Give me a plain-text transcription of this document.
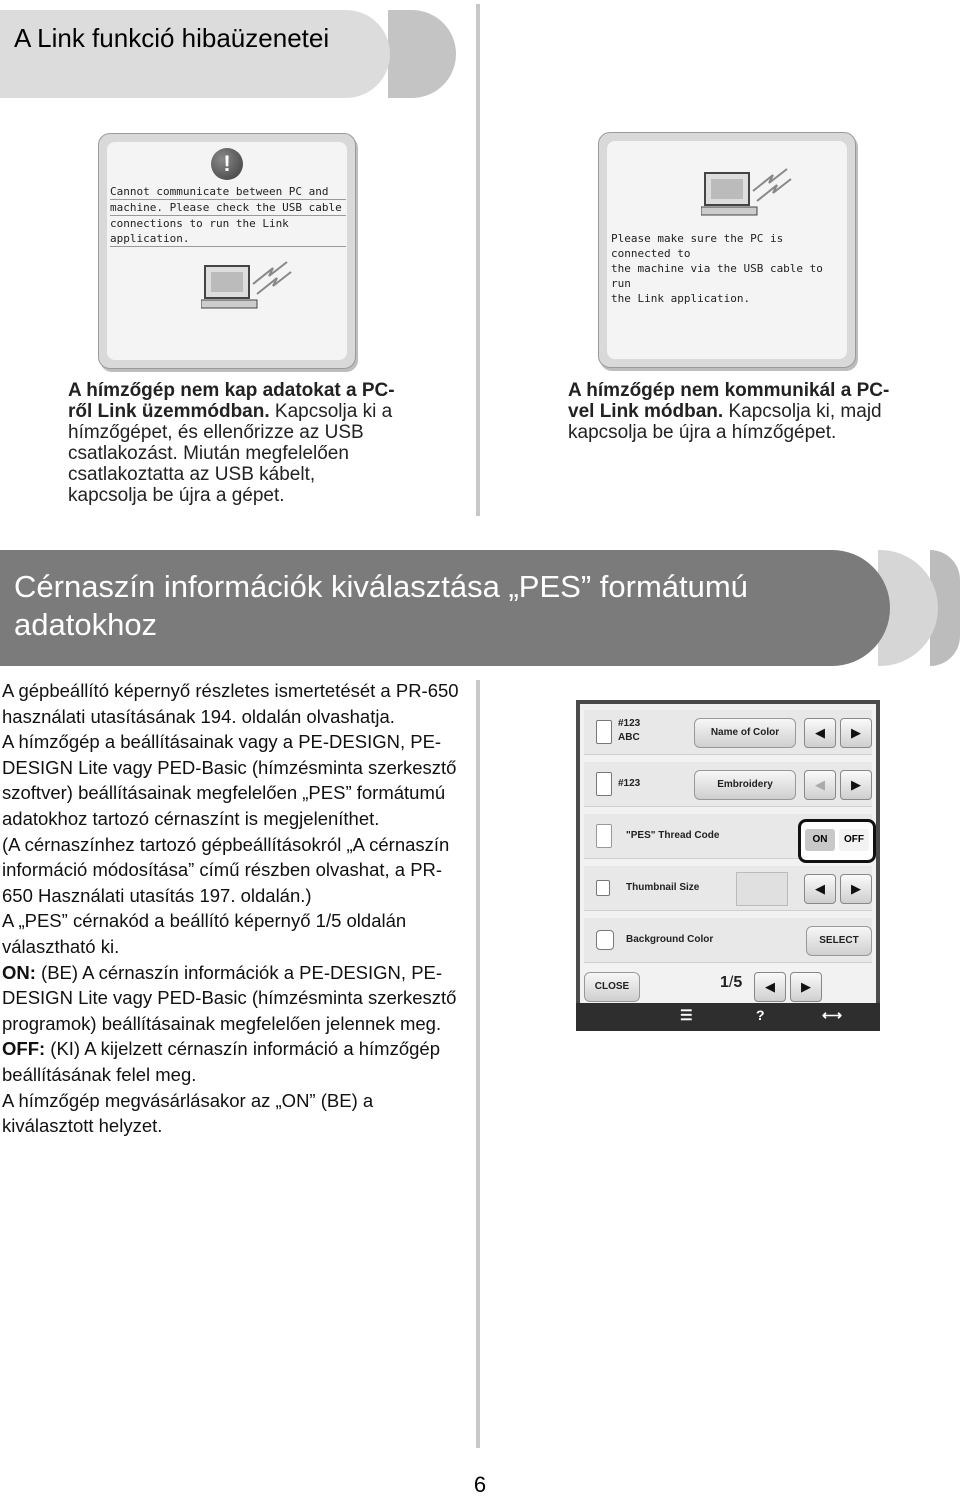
A Link funkció hibaüzenetei
!
Cannot communicate between PC and
machine. Please check the USB cable
connections to run the Link application.	Please make sure the PC is connected to
the machine via the USB cable to run
the Link application.
A hímzőgép nem kap adatokat a PC-ről Link üzemmódban. Kapcsolja ki a hímzőgépet, és ellenőrizze az USB csatlakozást. Miután megfelelően csatlakoztatta az USB kábelt, kapcsolja be újra a gépet.
A hímzőgép nem kommunikál a PC-vel Link módban. Kapcsolja ki, majd kapcsolja be újra a hímzőgépet.
Cérnaszín információk kiválasztása „PES” formátumú adatokhoz

A gépbeállító képernyő részletes ismertetését a PR-650 használati utasításának 194. oldalán olvashatja.

A hímzőgép a beállításainak vagy a PE-DESIGN, PE-DESIGN Lite vagy PED-Basic (hímzésminta szerkesztő szoftver) beállításainak megfelelően „PES” formátumú adatokhoz tartozó cérnaszínt is megjeleníthet.

(A cérnaszínhez tartozó gépbeállításokról „A cérnaszín információ módosítása” című részben olvashat, a PR-650 Használati utasítás 197. oldalán.)

A „PES” cérnakód a beállító képernyő 1/5 oldalán választható ki.

ON: (BE) A cérnaszín információk a PE-DESIGN, PE-DESIGN Lite vagy PED-Basic (hímzésminta szerkesztő programok) beállításainak megfelelően jelennek meg.

OFF: (KI) A kijelzett cérnaszín információ a hímzőgép beállításának felel meg.

A hímzőgép megvásárlásakor az „ON” (BE) a kiválasztott helyzet.

#123
ABC	Name of Color	◀	▶
#123	Embroidery	◀	▶
"PES" Thread Code	ON	OFF
Thumbnail Size	◀	▶
Background Color	SELECT
CLOSE	1/5	◀	▶
☰	?	⟷
6
